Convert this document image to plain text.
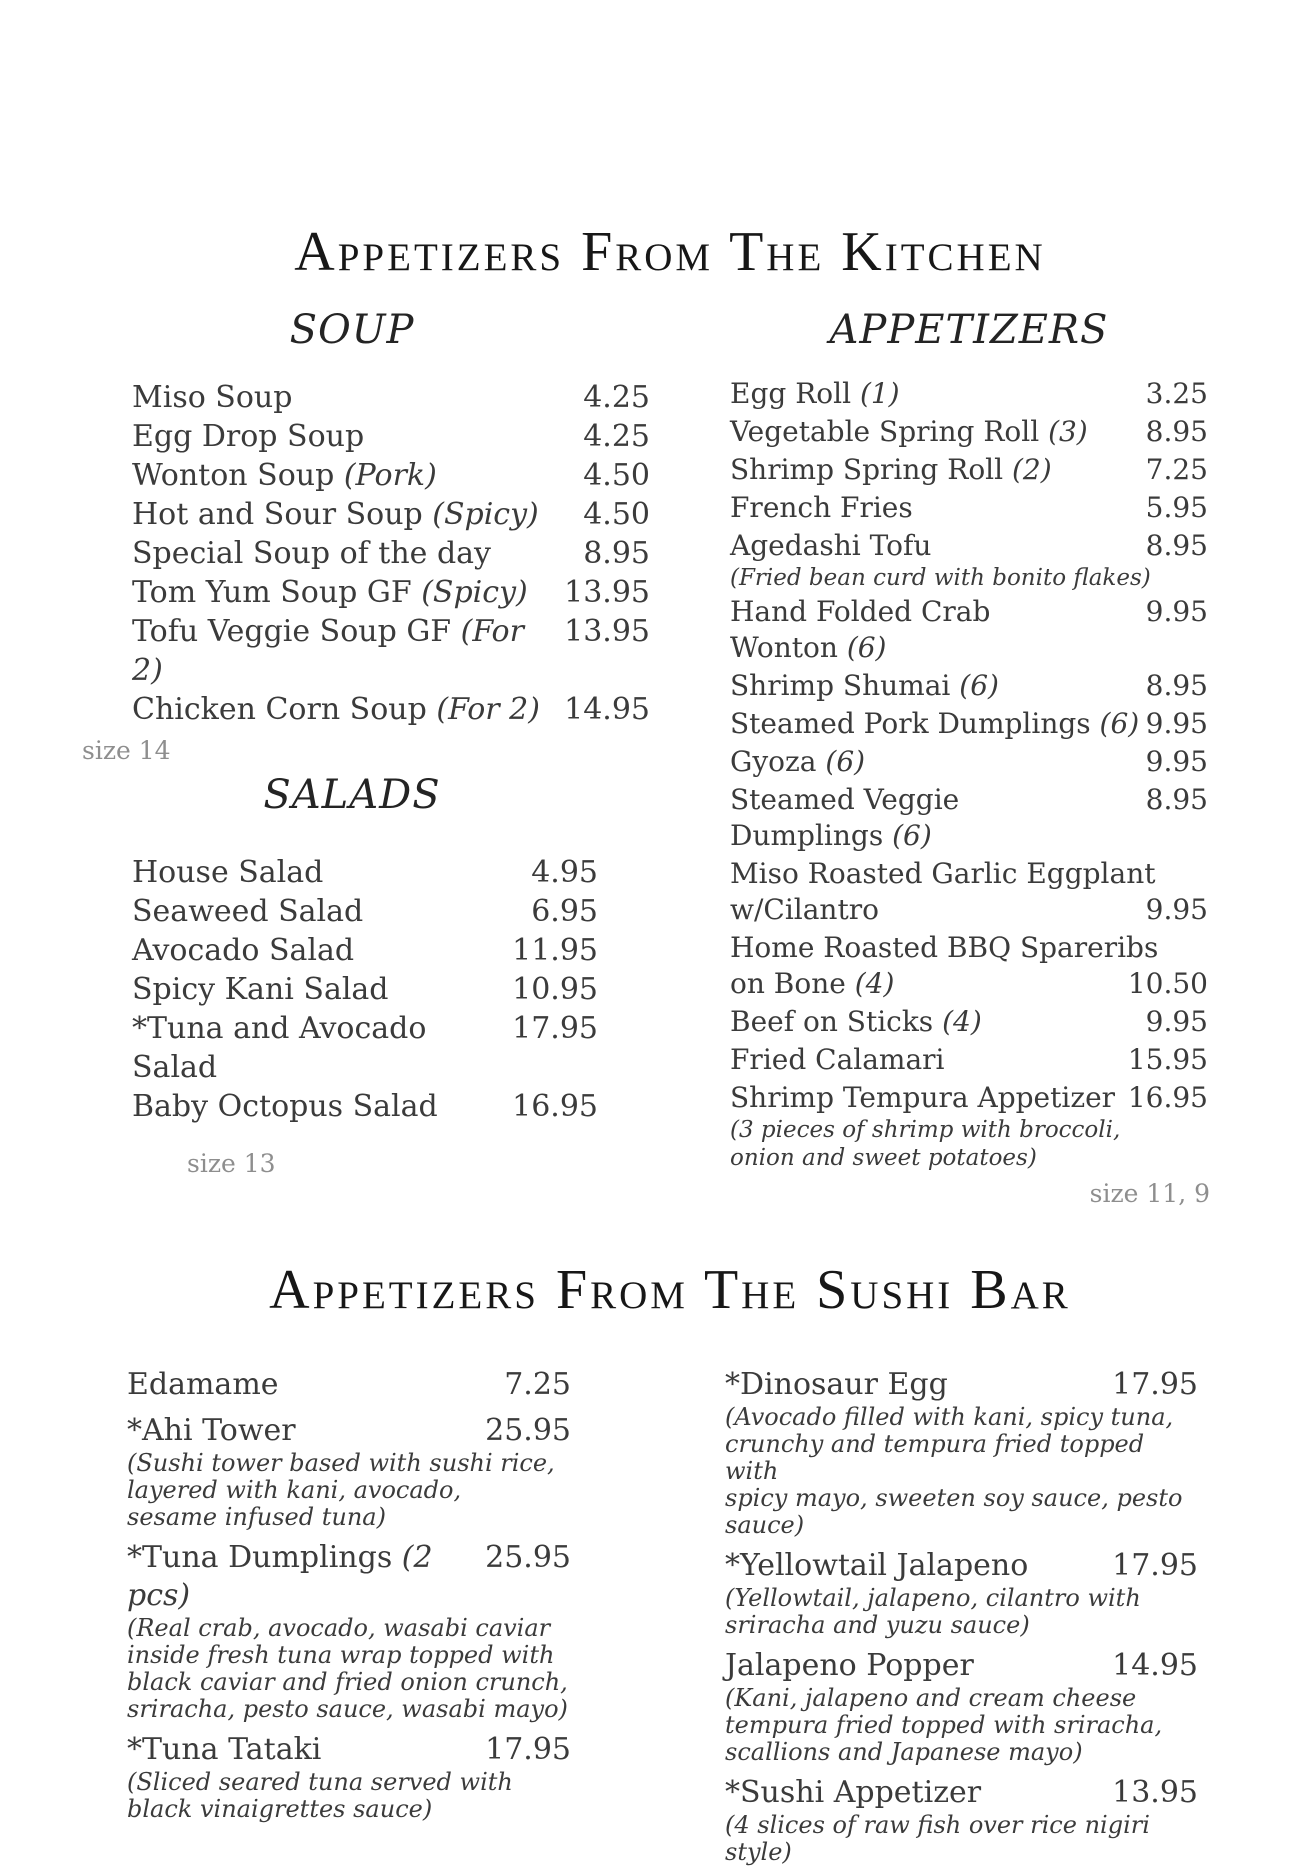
Appetizers From The Kitchen
SOUP
Miso Soup	4.25
Egg Drop Soup	4.25
Wonton Soup (Pork)	4.50
Hot and Sour Soup (Spicy) 4.50
Special Soup of the day	8.95
Tom Yum Soup GF (Spicy) 13.95
Tofu Veggie Soup GF (For 2)
13.95
Chicken Corn Soup (For 2) 14.95
size 14
SALADS
House Salad	4.95
Seaweed Salad	6.95
Avocado Salad	11.95
Spicy Kani Salad	10.95
*Tuna and Avocado Salad
17.95
Baby Octopus Salad 16.95
size 13
APPETIZERS
Egg Roll (1)	3.25
Vegetable Spring Roll (3) 8.95
Shrimp Spring Roll (2)	7.25
French Fries	5.95
Agedashi Tofu	8.95
(Fried bean curd with bonito flakes)
Hand Folded Crab Wonton (6)
9.95
Shrimp Shumai (6)	8.95
Steamed Pork Dumplings (6) 9.95
Gyoza (6)	9.95
Steamed Veggie Dumplings (6)
8.95
Miso Roasted Garlic Eggplant
w/Cilantro	9.95
Home Roasted BBQ Spareribs
on Bone (4)	10.50
Beef on Sticks (4)	9.95
Fried Calamari	15.95
Shrimp Tempura Appetizer 16.95
(3 pieces of shrimp with broccoli,
onion and sweet potatoes)
size 11, 9
Appetizers From The Sushi Bar
Edamame	7.25
*Ahi Tower	25.95
(Sushi tower based with sushi rice,
layered with kani, avocado,
sesame infused tuna)
*Tuna Dumplings (2 pcs)
25.95
(Real crab, avocado, wasabi caviar
inside fresh tuna wrap topped with
black caviar and fried onion crunch,
sriracha, pesto sauce, wasabi mayo)
*Tuna Tataki	17.95
(Sliced seared tuna served with
black vinaigrettes sauce)
*Dinosaur Egg	17.95
(Avocado filled with kani, spicy tuna,
crunchy and tempura fried topped with
spicy mayo, sweeten soy sauce, pesto sauce)
*Yellowtail Jalapeno	17.95
(Yellowtail, jalapeno, cilantro with
sriracha and yuzu sauce)
Jalapeno Popper	14.95
(Kani, jalapeno and cream cheese
tempura fried topped with sriracha,
scallions and Japanese mayo)
*Sushi Appetizer	13.95
(4 slices of raw fish over rice nigiri style)
